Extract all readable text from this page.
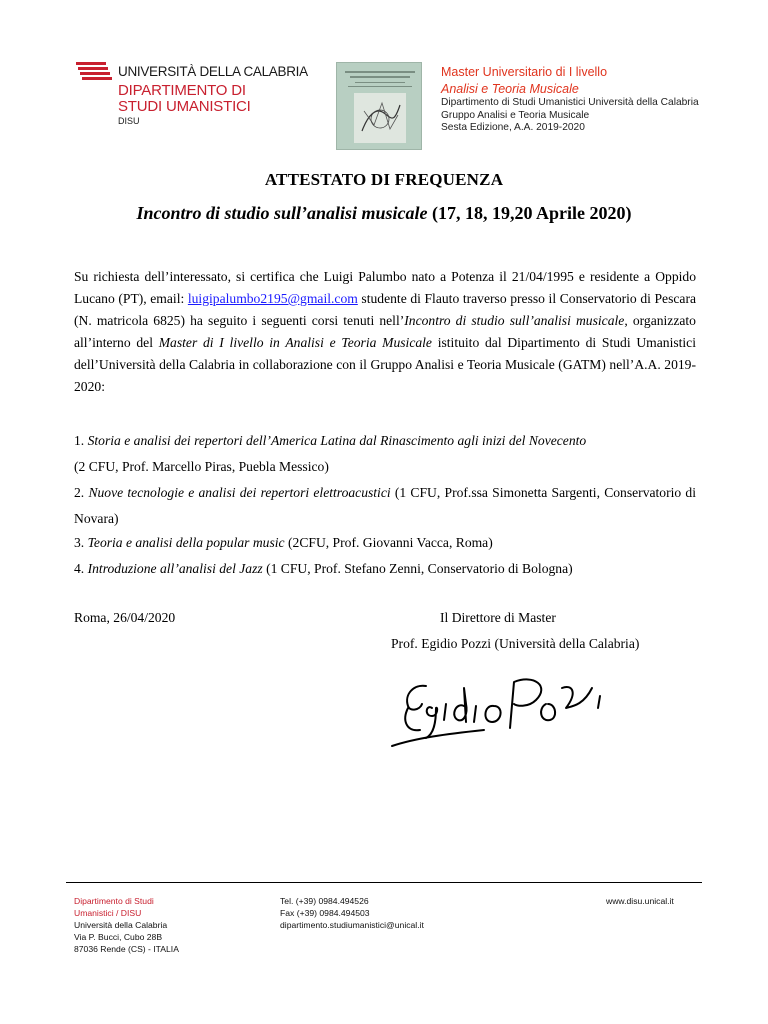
UNIVERSITÀ DELLA CALABRIA
DIPARTIMENTO DI
STUDI UMANISTICI
DISU
Master Universitario di I livello
Analisi e Teoria Musicale
Dipartimento di Studi Umanistici Università della Calabria
Gruppo Analisi e Teoria Musicale
Sesta Edizione, A.A. 2019-2020
ATTESTATO DI FREQUENZA
Incontro di studio sull’analisi musicale (17, 18, 19,20 Aprile 2020)
Su richiesta dell’interessato, si certifica che Luigi Palumbo nato a Potenza il 21/04/1995 e residente a Oppido Lucano (PT), email: luigipalumbo2195@gmail.com studente di Flauto traverso presso il Conservatorio di Pescara (N. matricola 6825) ha seguito i seguenti corsi tenuti nell’Incontro di studio sull’analisi musicale, organizzato all’interno del Master di I livello in Analisi e Teoria Musicale istituito dal Dipartimento di Studi Umanistici dell’Università della Calabria in collaborazione con il Gruppo Analisi e Teoria Musicale (GATM) nell’A.A. 2019-2020:
1. Storia e analisi dei repertori dell’America Latina dal Rinascimento agli inizi del Novecento
(2 CFU, Prof. Marcello Piras, Puebla Messico)
2. Nuove tecnologie e analisi dei repertori elettroacustici (1 CFU, Prof.ssa Simonetta Sargenti, Conservatorio di Novara)
3. Teoria e analisi della popular music (2CFU, Prof. Giovanni Vacca, Roma)
4. Introduzione all’analisi del Jazz (1 CFU, Prof. Stefano Zenni, Conservatorio di Bologna)
Roma, 26/04/2020	Il Direttore di Master
Prof. Egidio Pozzi (Università della Calabria)
Dipartimento di Studi
Umanistici / DISU
Università della Calabria
Via P. Bucci, Cubo 28B
87036 Rende (CS) - ITALIA
Tel. (+39) 0984.494526
Fax (+39) 0984.494503
dipartimento.studiumanistici@unical.it
www.disu.unical.it
